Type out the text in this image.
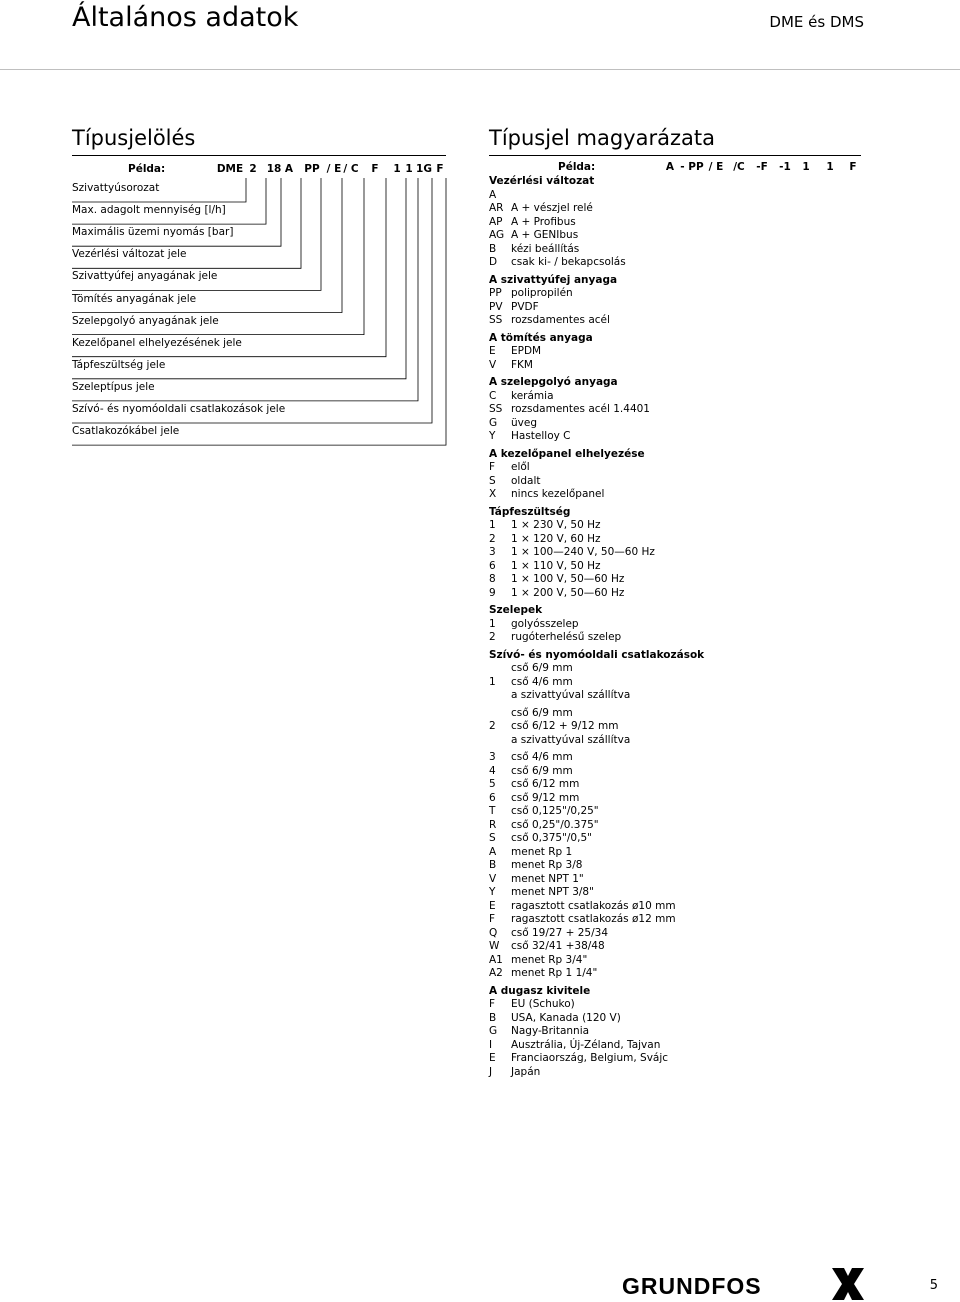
Általános adatok	DME és DMS
Típusjelölés	Típusjel magyarázata
Példa:	DME 2 18 A	PP / E / C	F	1 1 1G F
Szivattyúsorozat
Max. adagolt mennyiség [l/h]
Maximális üzemi nyomás [bar]
Vezérlési változat jele
Szivattyúfej anyagának jele
Tömítés anyagának jele
Szelepgolyó anyagának jele
Kezelőpanel elhelyezésének jele
Tápfeszültség jele
Szeleptípus jele
Szívó- és nyomóoldali csatlakozások jele
Csatlakozókábel jele
Példa:	A - PP / E /C	-F	-1	1	1	F
Vezérlési változat
A
AR A + vészjel relé
AP A + Profibus
AG A + GENIbus
B	kézi beállítás
D	csak ki- / bekapcsolás
A szivattyúfej anyaga
PP polipropilén
PV PVDF
SS rozsdamentes acél
A tömítés anyaga
E	EPDM
V	FKM
A szelepgolyó anyaga
C	kerámia
SS rozsdamentes acél 1.4401
G	üveg
Y	Hastelloy C
A kezelőpanel elhelyezése
F	elől
S	oldalt
X	nincs kezelőpanel
Tápfeszültség
1	1 × 230 V, 50 Hz
2	1 × 120 V, 60 Hz
3	1 × 100—240 V, 50—60 Hz
6	1 × 110 V, 50 Hz
8	1 × 100 V, 50—60 Hz
9	1 × 200 V, 50—60 Hz
Szelepek
1	golyósszelep
2	rugóterhelésű szelep
Szívó- és nyomóoldali csatlakozások
cső 6/9 mm
1	cső 4/6 mm
a szivattyúval szállítva
cső 6/9 mm
2	cső 6/12 + 9/12 mm
a szivattyúval szállítva
3	cső 4/6 mm
4	cső 6/9 mm
5	cső 6/12 mm
6	cső 9/12 mm
T	cső 0,125"/0,25"
R	cső 0,25"/0.375"
S	cső 0,375"/0,5"
A	menet Rp 1
B	menet Rp 3/8
V	menet NPT 1"
Y	menet NPT 3/8"
E	ragasztott csatlakozás ø10 mm
F	ragasztott csatlakozás ø12 mm
Q	cső 19/27 + 25/34
W	cső 32/41 +38/48
A1 menet Rp 3/4"
A2 menet Rp 1 1/4"
A dugasz kivitele
F	EU (Schuko)
B	USA, Kanada (120 V)
G	Nagy-Britannia
I	Ausztrália, Új-Zéland, Tajvan
E	Franciaország, Belgium, Svájc
J	Japán
GRUNDFOS	5
